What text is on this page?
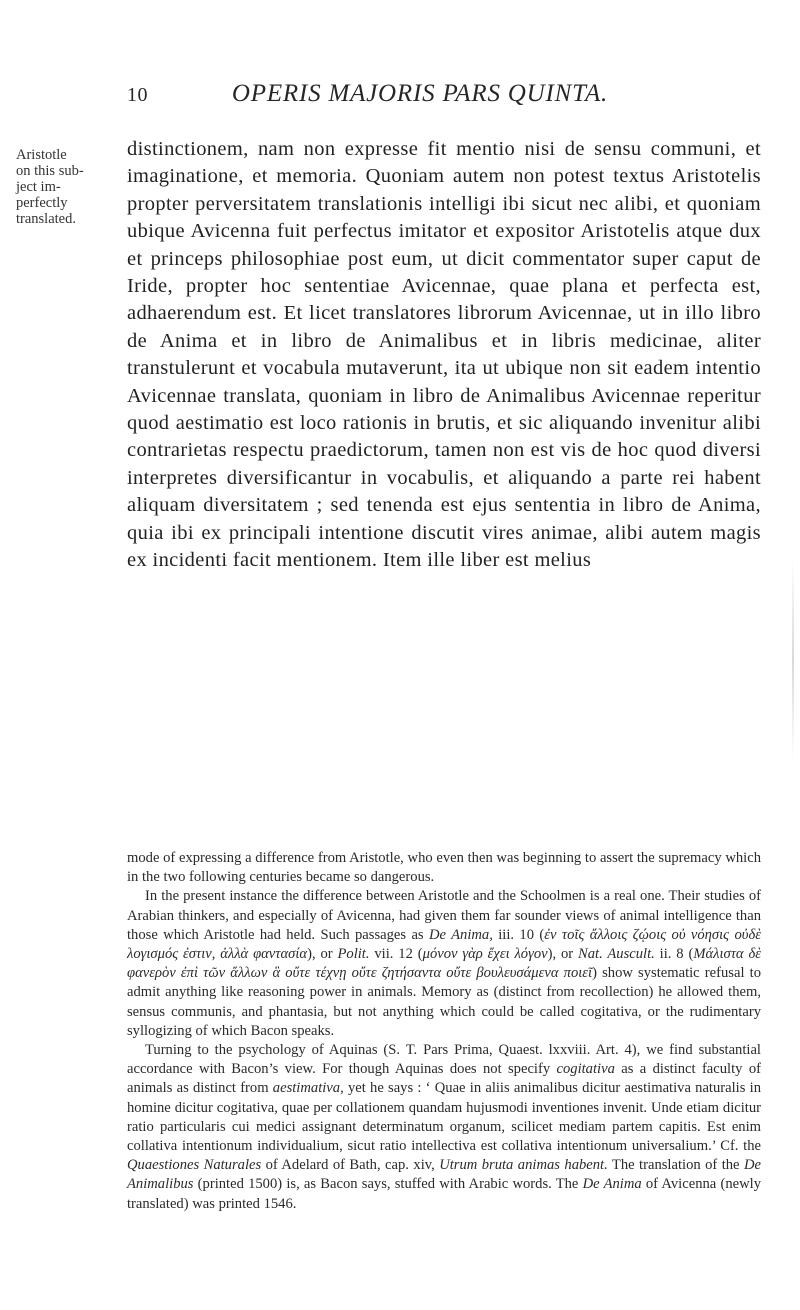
10	OPERIS MAJORIS PARS QUINTA.
Aristotle
on this sub-
ject im-
perfectly
translated.

distinctionem, nam non expresse fit mentio nisi de sensu communi, et imaginatione, et memoria. Quoniam autem non potest textus Aristotelis propter perversitatem translationis intelligi ibi sicut nec alibi, et quoniam ubique Avicenna fuit perfectus imitator et expositor Aristotelis atque dux et princeps philosophiae post eum, ut dicit commentator super caput de Iride, propter hoc sententiae Avicennae, quae plana et perfecta est, adhaerendum est. Et licet translatores librorum Avicennae, ut in illo libro de Anima et in libro de Animalibus et in libris medicinae, aliter transtulerunt et vocabula mutaverunt, ita ut ubique non sit eadem intentio Avicennae translata, quoniam in libro de Animalibus Avicennae reperitur quod aestimatio est loco rationis in brutis, et sic aliquando invenitur alibi contrarietas respectu praedictorum, tamen non est vis de hoc quod diversi interpretes diversificantur in vocabulis, et aliquando a parte rei habent aliquam diversitatem ; sed tenenda est ejus sententia in libro de Anima, quia ibi ex principali intentione discutit vires animae, alibi autem magis ex incidenti facit mentionem. Item ille liber est melius

mode of expressing a difference from Aristotle, who even then was beginning to assert the supremacy which in the two following centuries became so dangerous.

In the present instance the difference between Aristotle and the Schoolmen is a real one. Their studies of Arabian thinkers, and especially of Avicenna, had given them far sounder views of animal intelligence than those which Aristotle had held. Such passages as De Anima, iii. 10 (ἐν τοῖς ἄλλοις ζῴοις οὐ νόησις οὐδὲ λογισμός ἐστιν, ἀλλὰ φαντασία), or Polit. vii. 12 (μόνον γὰρ ἔχει λόγον), or Nat. Auscult. ii. 8 (Μάλιστα δὲ φανερὸν ἐπὶ τῶν ἄλλων ἃ οὔτε τέχνῃ οὔτε ζητήσαντα οὔτε βουλευσάμενα ποιεῖ) show systematic refusal to admit anything like reasoning power in animals. Memory as (distinct from recollection) he allowed them, sensus communis, and phantasia, but not anything which could be called cogitativa, or the rudimentary syllogizing of which Bacon speaks.

Turning to the psychology of Aquinas (S. T. Pars Prima, Quaest. lxxviii. Art. 4), we find substantial accordance with Bacon’s view. For though Aquinas does not specify cogitativa as a distinct faculty of animals as distinct from aestimativa, yet he says : ‘ Quae in aliis animalibus dicitur aestimativa naturalis in homine dicitur cogitativa, quae per collationem quandam hujusmodi inventiones invenit. Unde etiam dicitur ratio particularis cui medici assignant determinatum organum, scilicet mediam partem capitis. Est enim collativa intentionum individualium, sicut ratio intellectiva est collativa intentionum universalium.’ Cf. the Quaestiones Naturales of Adelard of Bath, cap. xiv, Utrum bruta animas habent. The translation of the De Animalibus (printed 1500) is, as Bacon says, stuffed with Arabic words. The De Anima of Avicenna (newly translated) was printed 1546.
